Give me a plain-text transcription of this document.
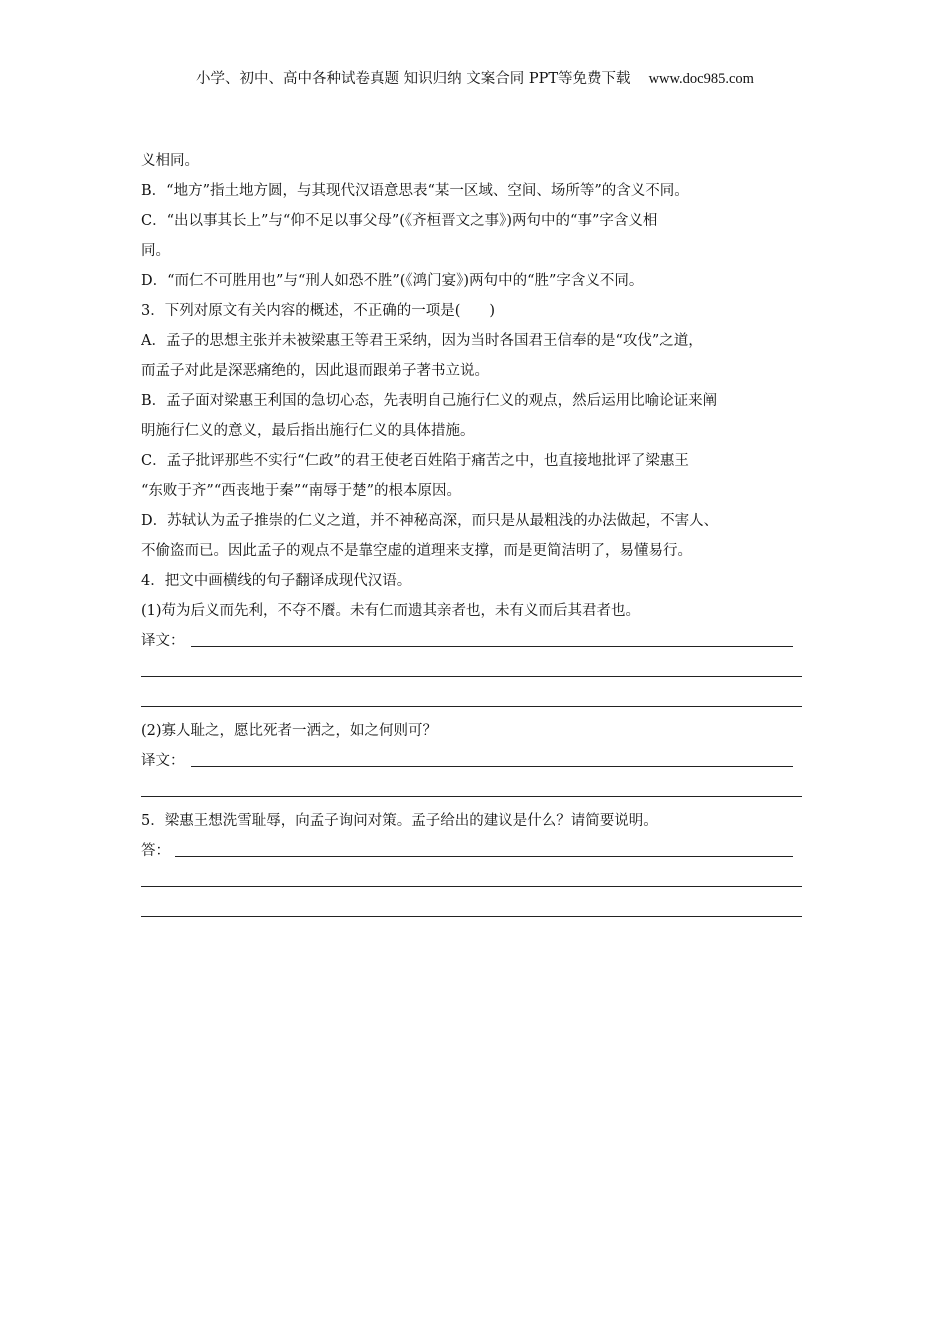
小学、初中、高中各种试卷真题 知识归纳 文案合同 PPT等免费下载 www.doc985.com
义相同。
B．“地方”指土地方圆，与其现代汉语意思表“某一区域、空间、场所等”的含义不同。
C．“出以事其长上”与“仰不足以事父母”(《齐桓晋文之事》)两句中的“事”字含义相
同。
D．“而仁不可胜用也”与“刑人如恐不胜”(《鸿门宴》)两句中的“胜”字含义不同。
3．下列对原文有关内容的概述，不正确的一项是(　　)
A．孟子的思想主张并未被梁惠王等君王采纳，因为当时各国君王信奉的是“攻伐”之道，
而孟子对此是深恶痛绝的，因此退而跟弟子著书立说。
B．孟子面对梁惠王利国的急切心态，先表明自己施行仁义的观点，然后运用比喻论证来阐
明施行仁义的意义，最后指出施行仁义的具体措施。
C．孟子批评那些不实行“仁政”的君王使老百姓陷于痛苦之中，也直接地批评了梁惠王
“东败于齐”“西丧地于秦”“南辱于楚”的根本原因。
D．苏轼认为孟子推崇的仁义之道，并不神秘高深，而只是从最粗浅的办法做起，不害人、
不偷盗而已。因此孟子的观点不是靠空虚的道理来支撑，而是更简洁明了，易懂易行。
4．把文中画横线的句子翻译成现代汉语。
(1)苟为后义而先利，不夺不餍。未有仁而遗其亲者也，未有义而后其君者也。
译文：
(2)寡人耻之，愿比死者一洒之，如之何则可？
译文：
5．梁惠王想洗雪耻辱，向孟子询问对策。孟子给出的建议是什么？请简要说明。
答：
